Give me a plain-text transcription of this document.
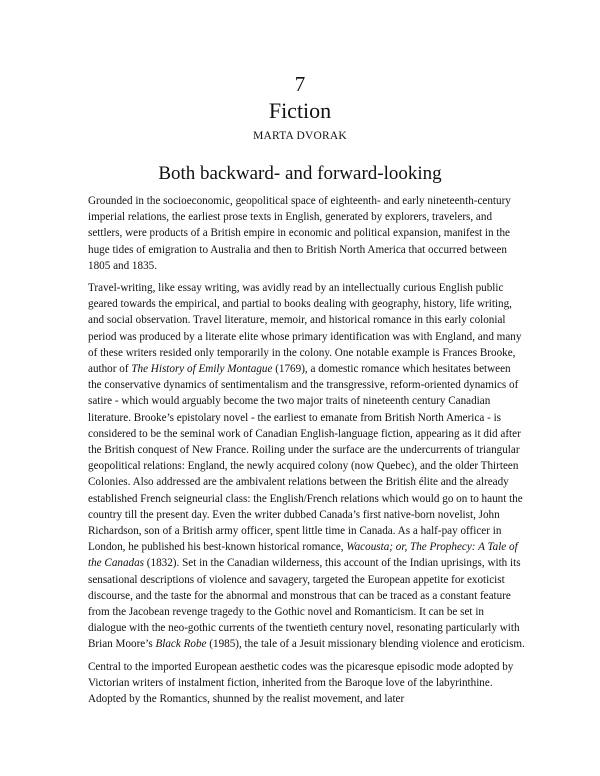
7
Fiction
MARTA DVORAK
Both backward- and forward-looking

Grounded in the socioeconomic, geopolitical space of eighteenth- and early nineteenth-century imperial relations, the earliest prose texts in English, generated by explorers, travelers, and settlers, were products of a British empire in economic and political expansion, manifest in the huge tides of emigration to Australia and then to British North America that occurred between 1805 and 1835.

Travel-writing, like essay writing, was avidly read by an intellectually curious English public geared towards the empirical, and partial to books dealing with geography, history, life writing, and social observation. Travel literature, memoir, and historical romance in this early colonial period was produced by a literate elite whose primary identification was with England, and many of these writers resided only temporarily in the colony. One notable example is Frances Brooke, author of The History of Emily Montague (1769), a domestic romance which hesitates between the conservative dynamics of sentimentalism and the transgressive, reform-oriented dynamics of satire - which would arguably become the two major traits of nineteenth century Canadian literature. Brooke’s epistolary novel - the earliest to emanate from British North America - is considered to be the seminal work of Canadian English-language fiction, appearing as it did after the British conquest of New France. Roiling under the surface are the undercurrents of triangular geopolitical relations: England, the newly acquired colony (now Quebec), and the older Thirteen Colonies. Also addressed are the ambivalent relations between the British élite and the already established French seigneurial class: the English/French relations which would go on to haunt the country till the present day. Even the writer dubbed Canada’s first native-born novelist, John Richardson, son of a British army officer, spent little time in Canada. As a half-pay officer in London, he published his best-known historical romance, Wacousta; or, The Prophecy: A Tale of the Canadas (1832). Set in the Canadian wilderness, this account of the Indian uprisings, with its sensational descriptions of violence and savagery, targeted the European appetite for exoticist discourse, and the taste for the abnormal and monstrous that can be traced as a constant feature from the Jacobean revenge tragedy to the Gothic novel and Romanticism. It can be set in dialogue with the neo-gothic currents of the twentieth century novel, resonating particularly with Brian Moore’s Black Robe (1985), the tale of a Jesuit missionary blending violence and eroticism.

Central to the imported European aesthetic codes was the picaresque episodic mode adopted by Victorian writers of instalment fiction, inherited from the Baroque love of the labyrinthine. Adopted by the Romantics, shunned by the realist movement, and later
